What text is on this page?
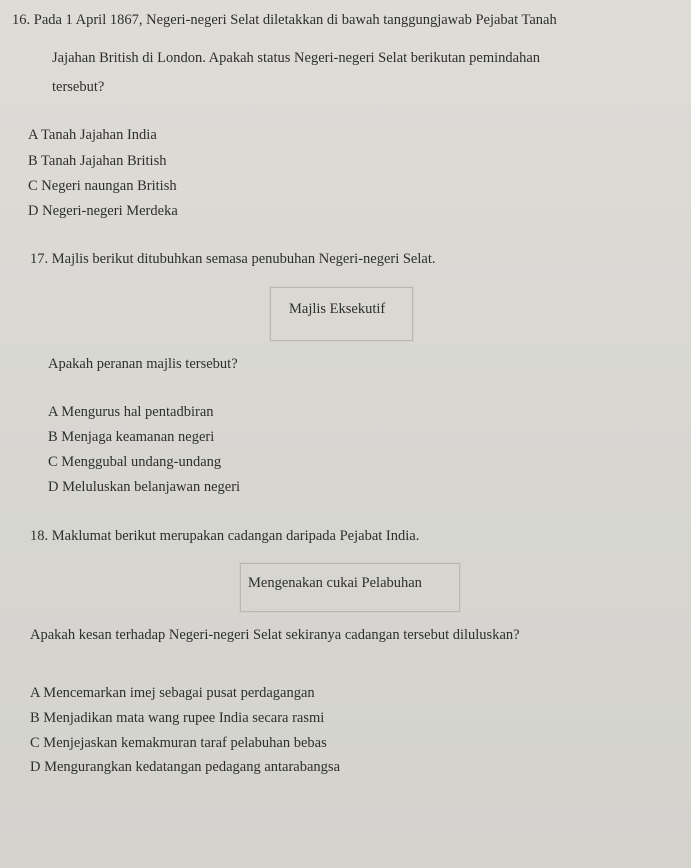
16. Pada 1 April 1867, Negeri-negeri Selat diletakkan di bawah tanggungjawab Pejabat Tanah
Jajahan British di London. Apakah status Negeri-negeri Selat berikutan pemindahan
tersebut?
A Tanah Jajahan India
B Tanah Jajahan British
C Negeri naungan British
D Negeri-negeri Merdeka
17. Majlis berikut ditubuhkan semasa penubuhan Negeri-negeri Selat.
Majlis Eksekutif
Apakah peranan majlis tersebut?
A Mengurus hal pentadbiran
B Menjaga keamanan negeri
C Menggubal undang-undang
D Meluluskan belanjawan negeri
18. Maklumat berikut merupakan cadangan daripada Pejabat India.
Mengenakan cukai Pelabuhan
Apakah kesan terhadap Negeri-negeri Selat sekiranya cadangan tersebut diluluskan?
A Mencemarkan imej sebagai pusat perdagangan
B Menjadikan mata wang rupee India secara rasmi
C Menjejaskan kemakmuran taraf pelabuhan bebas
D Mengurangkan kedatangan pedagang antarabangsa
